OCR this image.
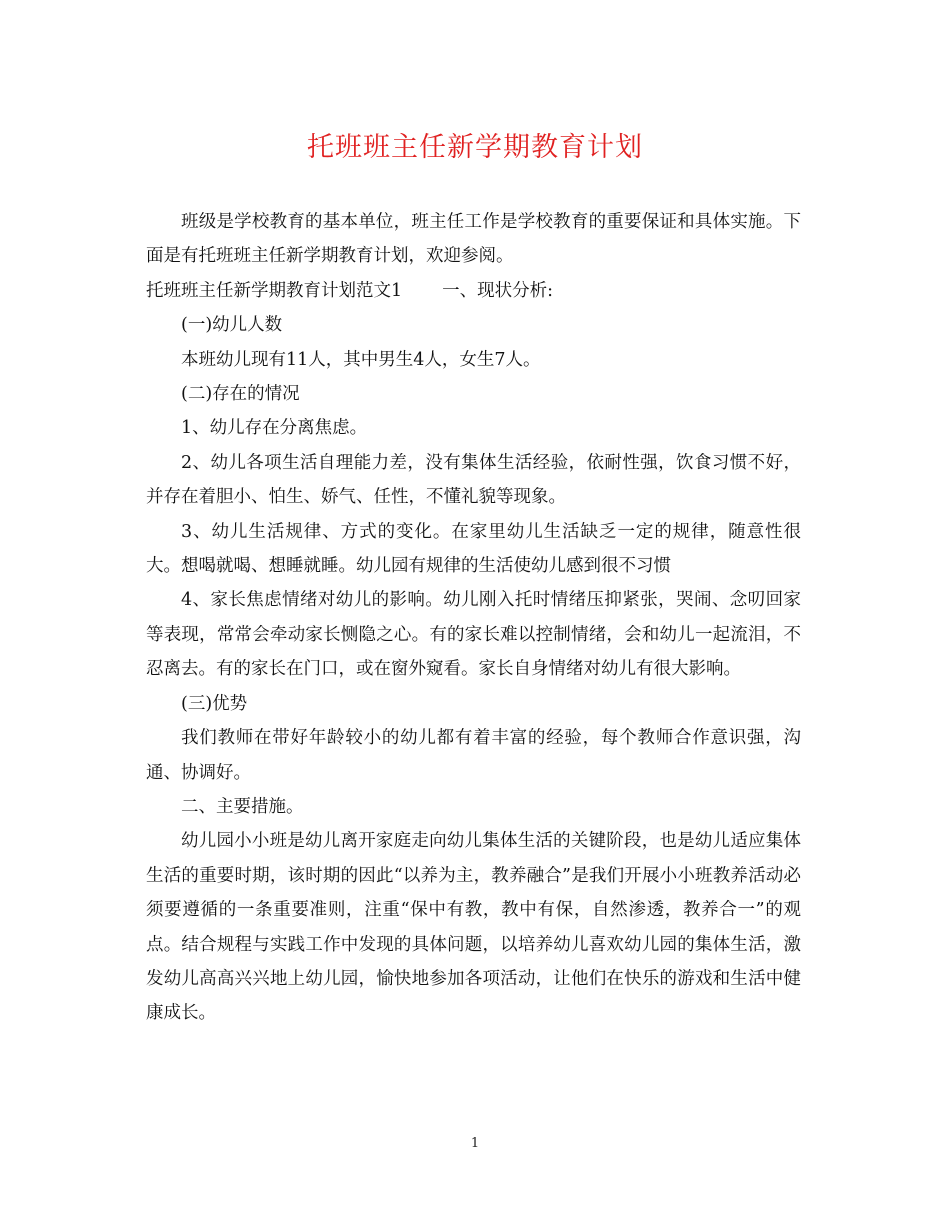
托班班主任新学期教育计划

班级是学校教育的基本单位，班主任工作是学校教育的重要保证和具体实施。下面是有托班班主任新学期教育计划，欢迎参阅。

托班班主任新学期教育计划范文1 一、现状分析:

(一)幼儿人数

本班幼儿现有11人，其中男生4人，女生7人。

(二)存在的情况

1、幼儿存在分离焦虑。

2、幼儿各项生活自理能力差，没有集体生活经验，依耐性强，饮食习惯不好，并存在着胆小、怕生、娇气、任性，不懂礼貌等现象。

3、幼儿生活规律、方式的变化。在家里幼儿生活缺乏一定的规律，随意性很大。想喝就喝、想睡就睡。幼儿园有规律的生活使幼儿感到很不习惯

4、家长焦虑情绪对幼儿的影响。幼儿刚入托时情绪压抑紧张，哭闹、念叨回家等表现，常常会牵动家长恻隐之心。有的家长难以控制情绪，会和幼儿一起流泪，不忍离去。有的家长在门口，或在窗外窥看。家长自身情绪对幼儿有很大影响。

(三)优势

我们教师在带好年龄较小的幼儿都有着丰富的经验，每个教师合作意识强，沟通、协调好。

二、主要措施。

幼儿园小小班是幼儿离开家庭走向幼儿集体生活的关键阶段，也是幼儿适应集体生活的重要时期，该时期的因此“以养为主，教养融合”是我们开展小小班教养活动必须要遵循的一条重要准则，注重“保中有教，教中有保，自然渗透，教养合一”的观点。结合规程与实践工作中发现的具体问题，以培养幼儿喜欢幼儿园的集体生活，激发幼儿高高兴兴地上幼儿园，愉快地参加各项活动，让他们在快乐的游戏和生活中健康成长。

1
